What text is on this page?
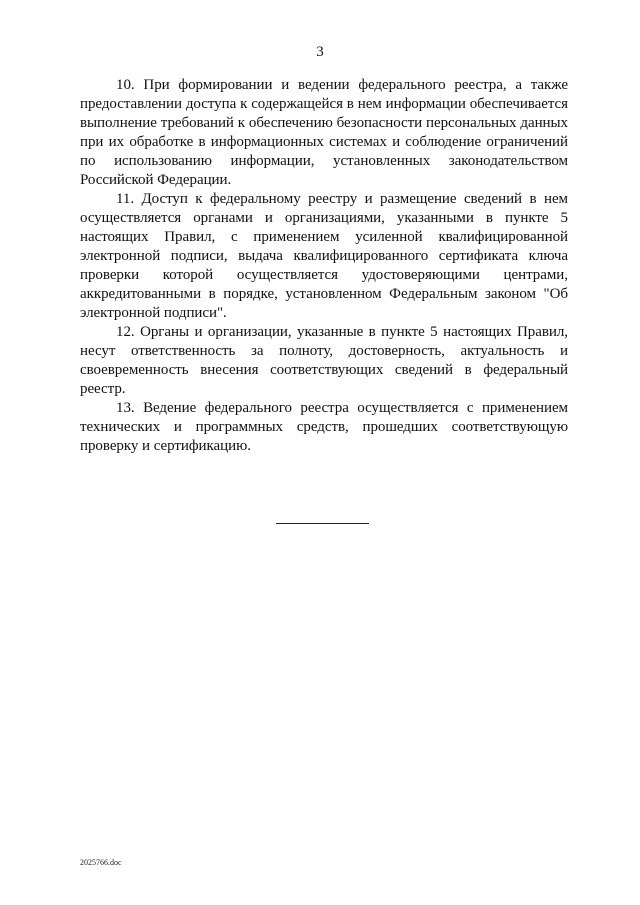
3

10. При формировании и ведении федерального реестра, а также предоставлении доступа к содержащейся в нем информации обеспечивается выполнение требований к обеспечению безопасности персональных данных при их обработке в информационных системах и соблюдение ограничений по использованию информации, установленных законодательством Российской Федерации.

11. Доступ к федеральному реестру и размещение сведений в нем осуществляется органами и организациями, указанными в пункте 5 настоящих Правил, с применением усиленной квалифицированной электронной подписи, выдача квалифицированного сертификата ключа проверки которой осуществляется удостоверяющими центрами, аккредитованными в порядке, установленном Федеральным законом "Об электронной подписи".

12. Органы и организации, указанные в пункте 5 настоящих Правил, несут ответственность за полноту, достоверность, актуальность и своевременность внесения соответствующих сведений в федеральный реестр.

13. Ведение федерального реестра осуществляется с применением технических и программных средств, прошедших соответствующую проверку и сертификацию.

2025766.doc
